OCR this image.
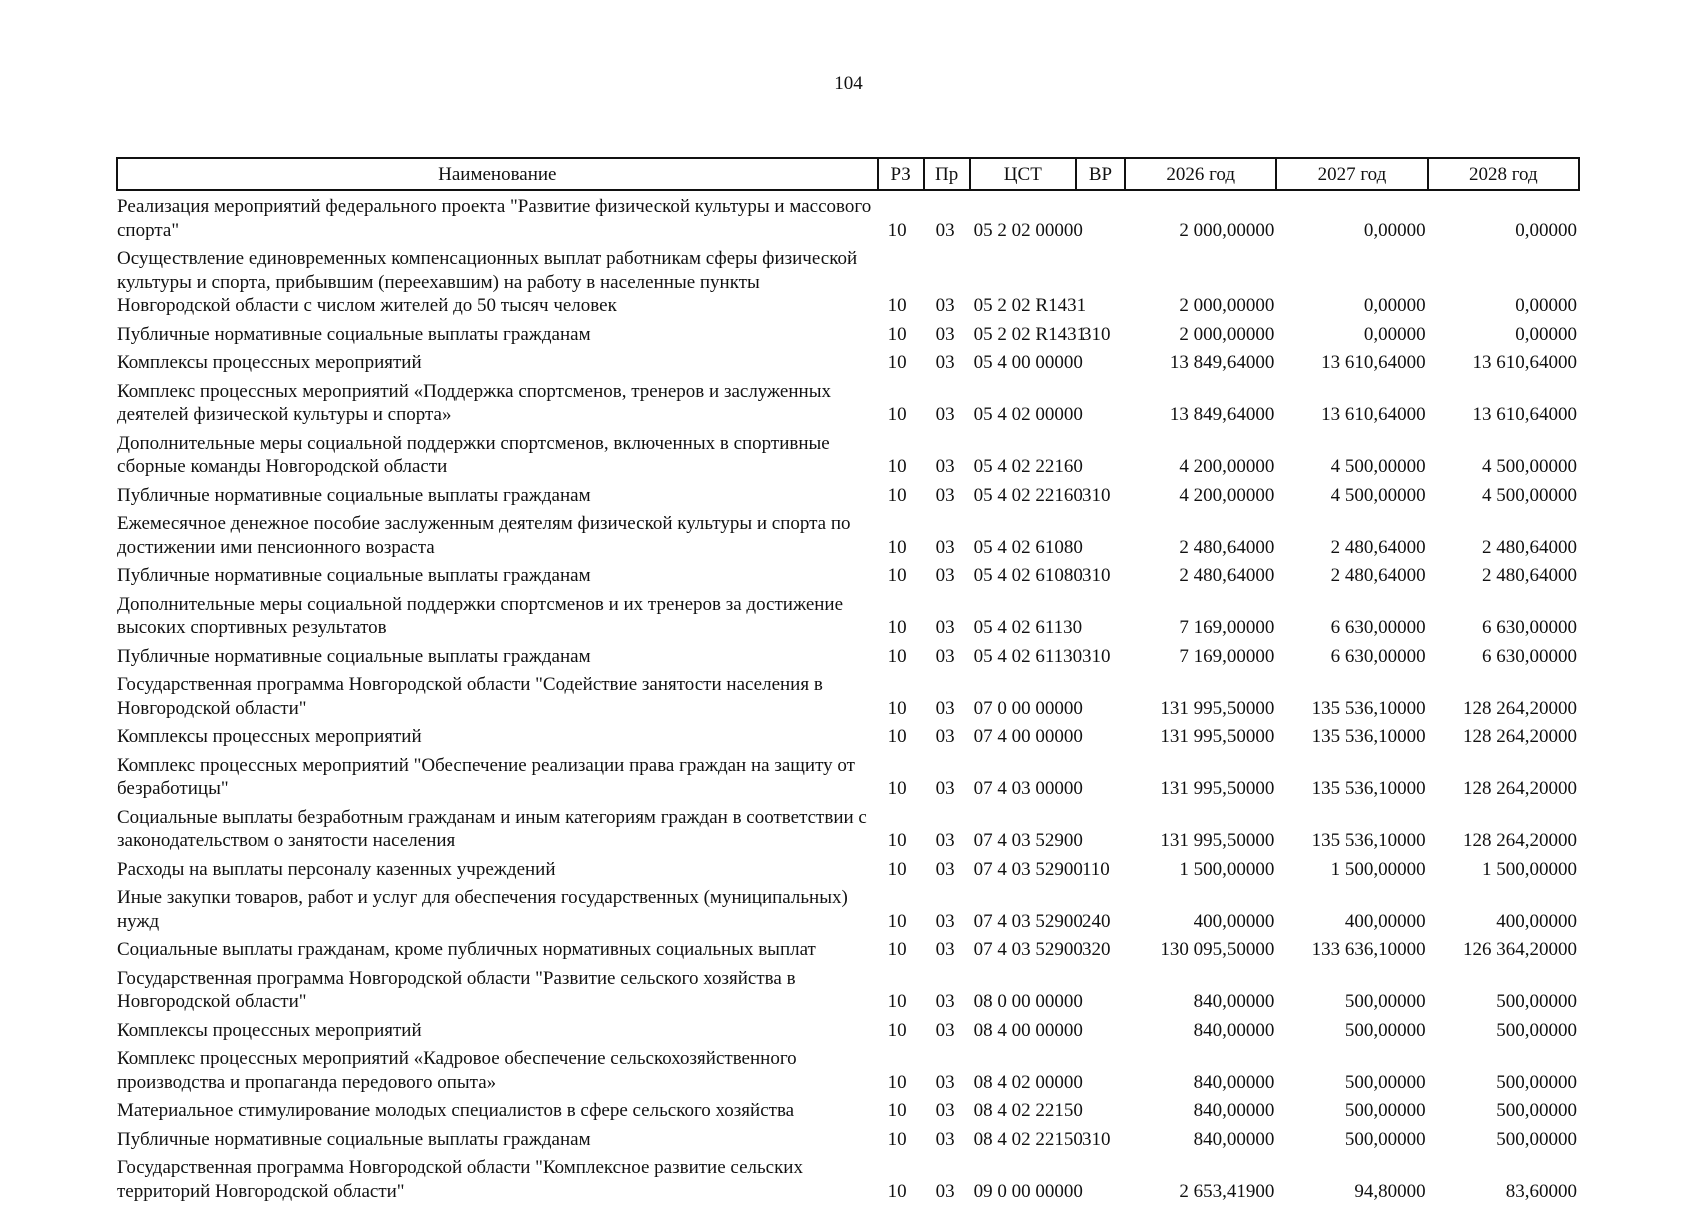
104
Наименование	РЗ	Пр	ЦСТ	ВР	2026 год	2027 год	2028 год
Реализация мероприятий федерального проекта "Развитие физической культуры и массового спорта"	10	03	05 2 02 00000		2 000,00000	0,00000	0,00000
Осуществление единовременных компенсационных выплат работникам сферы физической культуры и спорта, прибывшим (переехавшим) на работу в населенные пункты Новгородской области с числом жителей до 50 тысяч человек	10	03	05 2 02 R1431		2 000,00000	0,00000	0,00000
Публичные нормативные социальные выплаты гражданам	10	03	05 2 02 R1431	310	2 000,00000	0,00000	0,00000
Комплексы процессных мероприятий	10	03	05 4 00 00000		13 849,64000	13 610,64000	13 610,64000
Комплекс процессных мероприятий «Поддержка спортсменов, тренеров и заслуженных деятелей физической культуры и спорта»	10	03	05 4 02 00000		13 849,64000	13 610,64000	13 610,64000
Дополнительные меры социальной поддержки спортсменов, включенных в спортивные сборные команды Новгородской области	10	03	05 4 02 22160		4 200,00000	4 500,00000	4 500,00000
Публичные нормативные социальные выплаты гражданам	10	03	05 4 02 22160	310	4 200,00000	4 500,00000	4 500,00000
Ежемесячное денежное пособие заслуженным деятелям физической культуры и спорта по достижении ими пенсионного возраста	10	03	05 4 02 61080		2 480,64000	2 480,64000	2 480,64000
Публичные нормативные социальные выплаты гражданам	10	03	05 4 02 61080	310	2 480,64000	2 480,64000	2 480,64000
Дополнительные меры социальной поддержки спортсменов и их тренеров за достижение высоких спортивных результатов	10	03	05 4 02 61130		7 169,00000	6 630,00000	6 630,00000
Публичные нормативные социальные выплаты гражданам	10	03	05 4 02 61130	310	7 169,00000	6 630,00000	6 630,00000
Государственная программа Новгородской области "Содействие занятости населения в Новгородской области"	10	03	07 0 00 00000		131 995,50000	135 536,10000	128 264,20000
Комплексы процессных мероприятий	10	03	07 4 00 00000		131 995,50000	135 536,10000	128 264,20000
Комплекс процессных мероприятий "Обеспечение реализации права граждан на защиту от безработицы"	10	03	07 4 03 00000		131 995,50000	135 536,10000	128 264,20000
Социальные выплаты безработным гражданам и иным категориям граждан в соответствии с законодательством о занятости населения	10	03	07 4 03 52900		131 995,50000	135 536,10000	128 264,20000
Расходы на выплаты персоналу казенных учреждений	10	03	07 4 03 52900	110	1 500,00000	1 500,00000	1 500,00000
Иные закупки товаров, работ и услуг для обеспечения государственных (муниципальных) нужд	10	03	07 4 03 52900	240	400,00000	400,00000	400,00000
Социальные выплаты гражданам, кроме публичных нормативных социальных выплат	10	03	07 4 03 52900	320	130 095,50000	133 636,10000	126 364,20000
Государственная программа Новгородской области "Развитие сельского хозяйства в Новгородской области"	10	03	08 0 00 00000		840,00000	500,00000	500,00000
Комплексы процессных мероприятий	10	03	08 4 00 00000		840,00000	500,00000	500,00000
Комплекс процессных мероприятий «Кадровое обеспечение сельскохозяйственного производства и пропаганда передового опыта»	10	03	08 4 02 00000		840,00000	500,00000	500,00000
Материальное стимулирование молодых специалистов в сфере сельского хозяйства	10	03	08 4 02 22150		840,00000	500,00000	500,00000
Публичные нормативные социальные выплаты гражданам	10	03	08 4 02 22150	310	840,00000	500,00000	500,00000
Государственная программа Новгородской области "Комплексное развитие сельских территорий Новгородской области"	10	03	09 0 00 00000		2 653,41900	94,80000	83,60000
